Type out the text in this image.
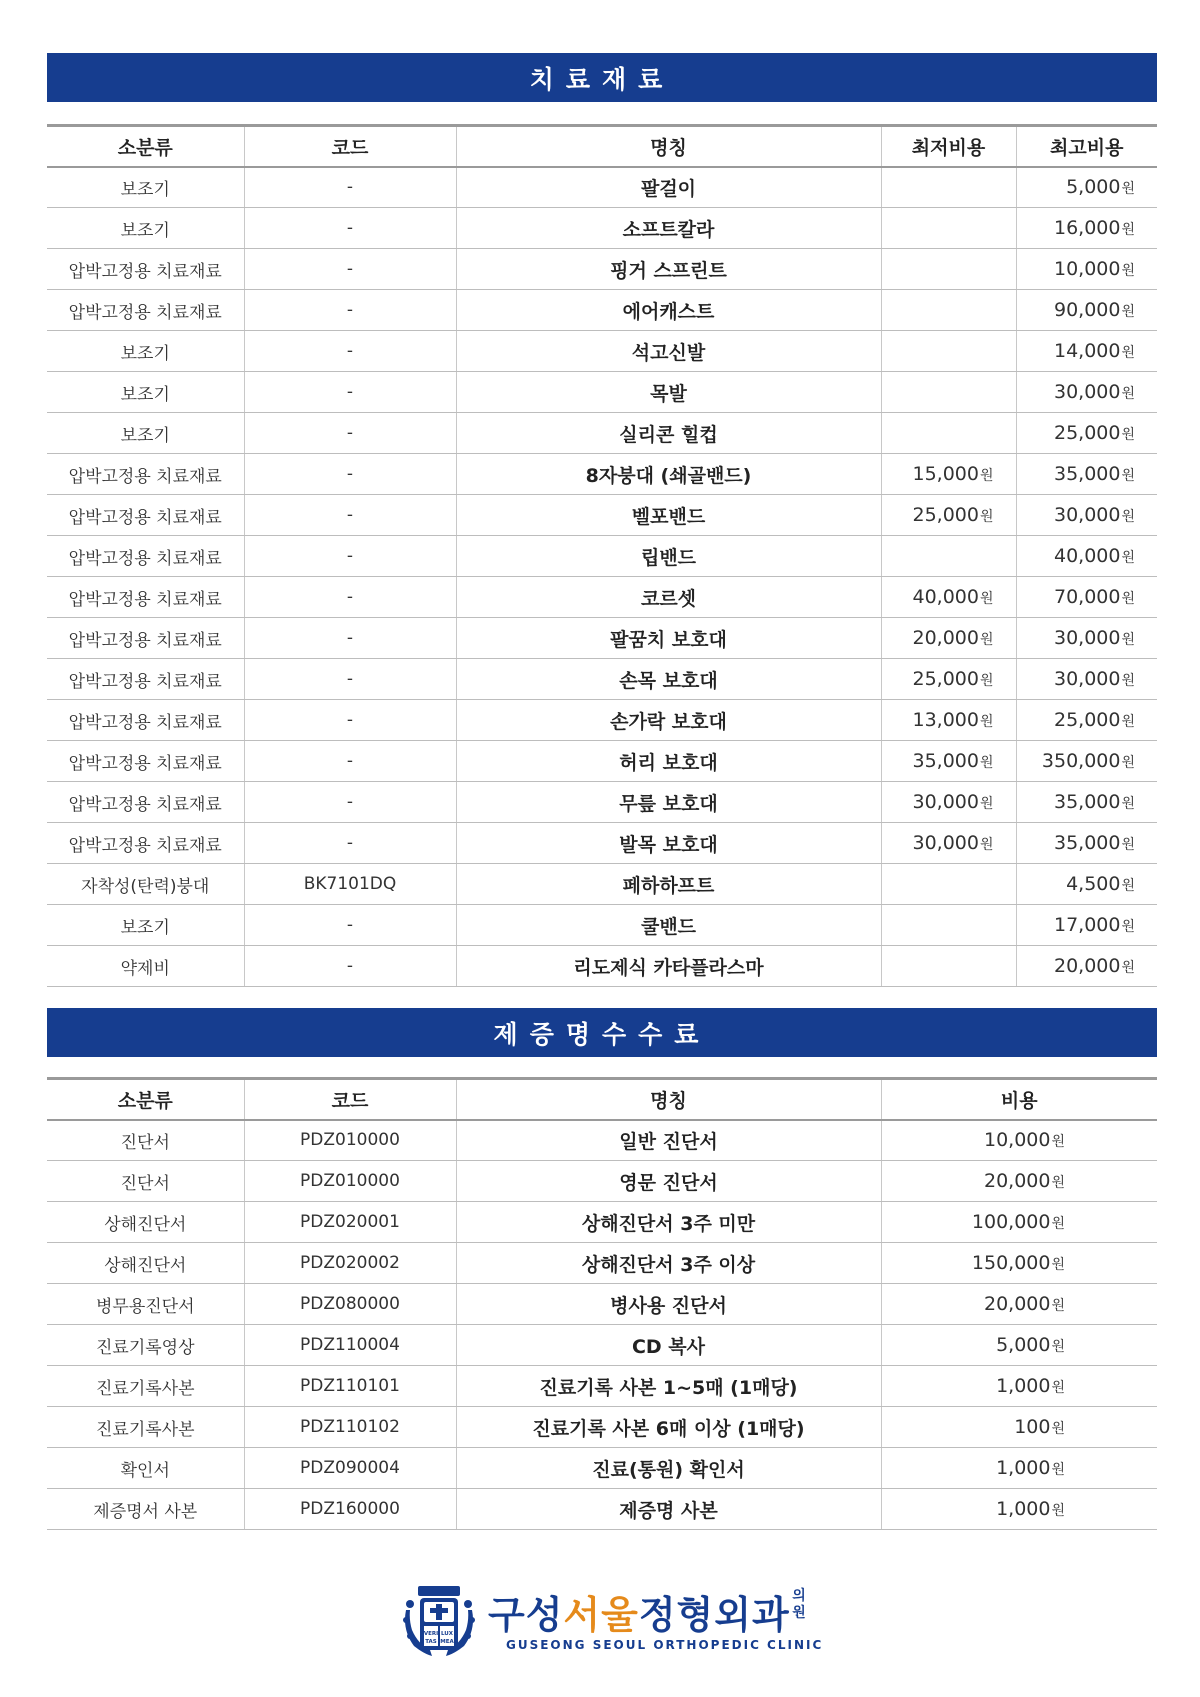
치료재료
소분류	코드	명칭	최저비용	최고비용
보조기	-	팔걸이		5,000원
보조기	-	소프트칼라		16,000원
압박고정용 치료재료	-	핑거 스프린트		10,000원
압박고정용 치료재료	-	에어캐스트		90,000원
보조기	-	석고신발		14,000원
보조기	-	목발		30,000원
보조기	-	실리콘 힐컵		25,000원
압박고정용 치료재료	-	8자붕대 (쇄골밴드)	15,000원	35,000원
압박고정용 치료재료	-	벨포밴드	25,000원	30,000원
압박고정용 치료재료	-	립밴드		40,000원
압박고정용 치료재료	-	코르셋	40,000원	70,000원
압박고정용 치료재료	-	팔꿈치 보호대	20,000원	30,000원
압박고정용 치료재료	-	손목 보호대	25,000원	30,000원
압박고정용 치료재료	-	손가락 보호대	13,000원	25,000원
압박고정용 치료재료	-	허리 보호대	35,000원	350,000원
압박고정용 치료재료	-	무릎 보호대	30,000원	35,000원
압박고정용 치료재료	-	발목 보호대	30,000원	35,000원
자착성(탄력)붕대	BK7101DQ	페하하프트		4,500원
보조기	-	쿨밴드		17,000원
약제비	-	리도제식 카타플라스마		20,000원
제증명수수료
소분류	코드	명칭	비용
진단서	PDZ010000	일반 진단서	10,000원
진단서	PDZ010000	영문 진단서	20,000원
상해진단서	PDZ020001	상해진단서 3주 미만	100,000원
상해진단서	PDZ020002	상해진단서 3주 이상	150,000원
병무용진단서	PDZ080000	병사용 진단서	20,000원
진료기록영상	PDZ110004	CD 복사	5,000원
진료기록사본	PDZ110101	진료기록 사본 1~5매 (1매당)	1,000원
진료기록사본	PDZ110102	진료기록 사본 6매 이상 (1매당)	100원
확인서	PDZ090004	진료(통원) 확인서	1,000원
제증명서 사본	PDZ160000	제증명 사본	1,000원
VERI LUX
TAS MEA
구성서울정형외과 의원
GUSEONG SEOUL ORTHOPEDIC CLINIC
